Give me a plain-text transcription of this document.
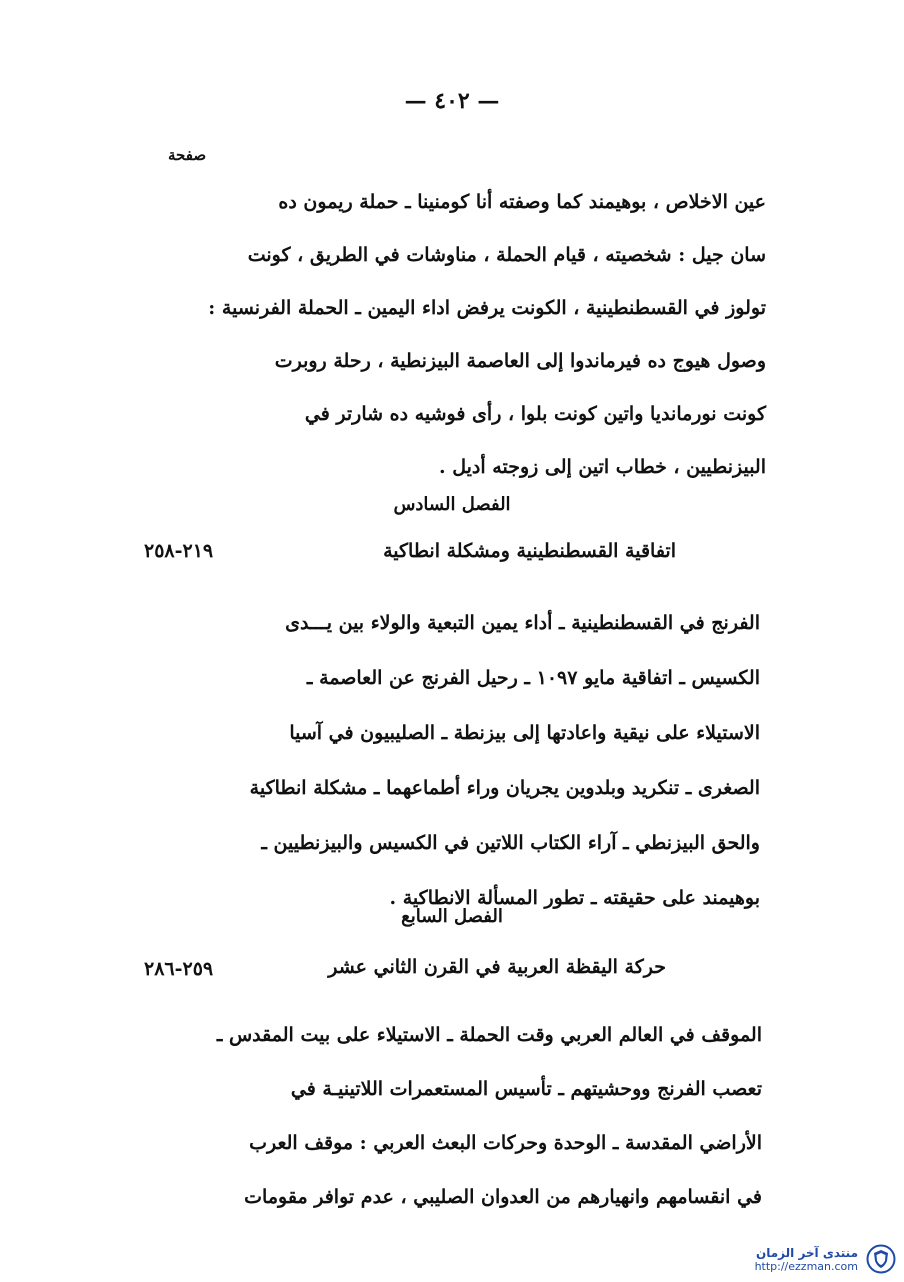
— ٤٠٢ —
صفحة

عين الاخلاص ، بوهيمند كما وصفته أنا كومنينا ـ حملة ريمون ده
سان جيل : شخصيته ، قيام الحملة ، مناوشات في الطريق ، كونت
تولوز في القسطنطينية ، الكونت يرفض اداء اليمين ـ الحملة الفرنسية :
وصول هيوج ده فيرماندوا إلى العاصمة البيزنطية ، رحلة روبرت
كونت نورمانديا واتين كونت بلوا ، رأى فوشيه ده شارتر في
البيزنطيين ، خطاب اتين إلى زوجته أديل .

الفصل السادس
اتفاقية القسطنطينية ومشكلة انطاكية
٢١٩-٢٥٨

الفرنج في القسطنطينية ـ أداء يمين التبعية والولاء بين يـــدى
الكسيس ـ اتفاقية مايو ١٠٩٧ ـ رحيل الفرنج عن العاصمة ـ
الاستيلاء على نيقية واعادتها إلى بيزنطة ـ الصليبيون في آسيا
الصغرى ـ تنكريد وبلدوين يجريان وراء أطماعهما ـ مشكلة انطاكية
والحق البيزنطي ـ آراء الكتاب اللاتين في الكسيس والبيزنطيين ـ
بوهيمند على حقيقته ـ تطور المسألة الانطاكية .

الفصل السابع
حركة اليقظة العربية في القرن الثاني عشر
٢٥٩-٢٨٦

الموقف في العالم العربي وقت الحملة ـ الاستيلاء على بيت المقدس ـ
تعصب الفرنج ووحشيتهم ـ تأسيس المستعمرات اللاتينيـة في
الأراضي المقدسة ـ الوحدة وحركات البعث العربي : موقف العرب
في انقسامهم وانهيارهم من العدوان الصليبي ، عدم توافر مقومات

منتدى آخر الزمان
http://ezzman.com
